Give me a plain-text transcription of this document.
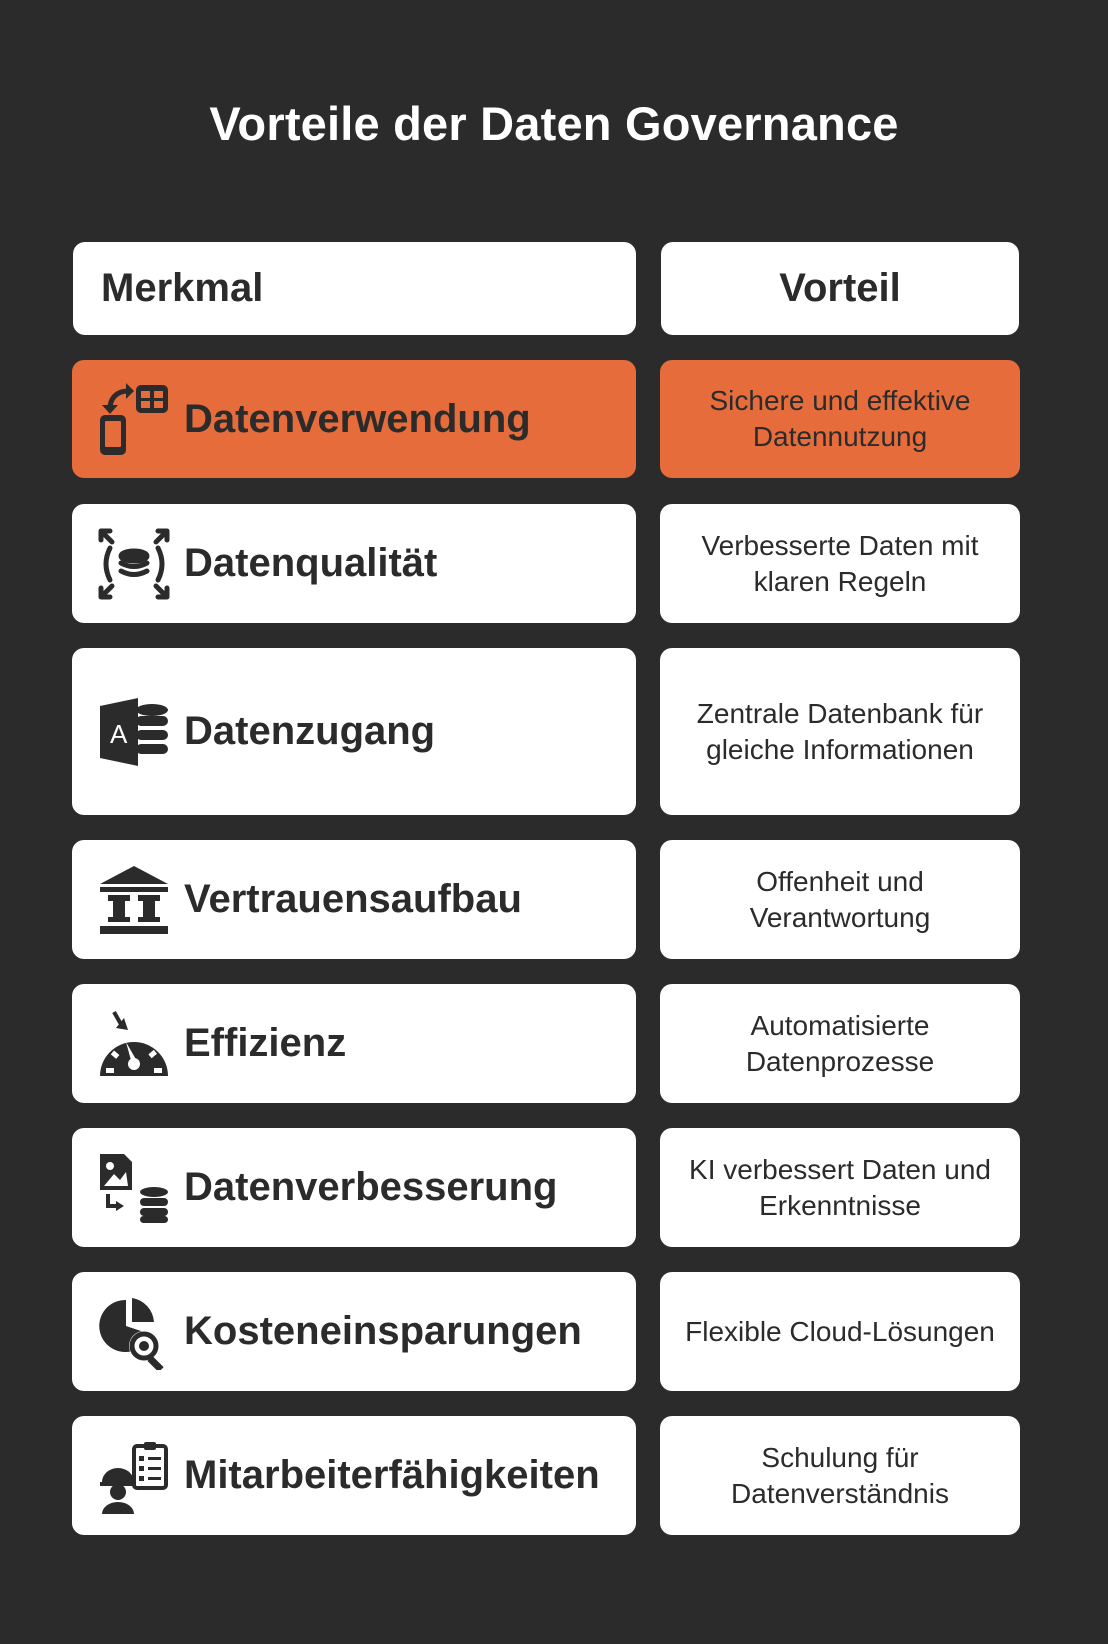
Vorteile der Daten Governance
Merkmal	Vorteil
Datenverwendung	Sichere und effektive Datennutzung
Datenqualität	Verbesserte Daten mit klaren Regeln
A Datenzugang	Zentrale Datenbank für gleiche Informationen
Vertrauensaufbau	Offenheit und Verantwortung
Effizienz	Automatisierte Datenprozesse
Datenverbesserung	KI verbessert Daten und Erkenntnisse
Kosteneinsparungen	Flexible Cloud-Lösungen
Mitarbeiterfähigkeiten	Schulung für Datenverständnis
